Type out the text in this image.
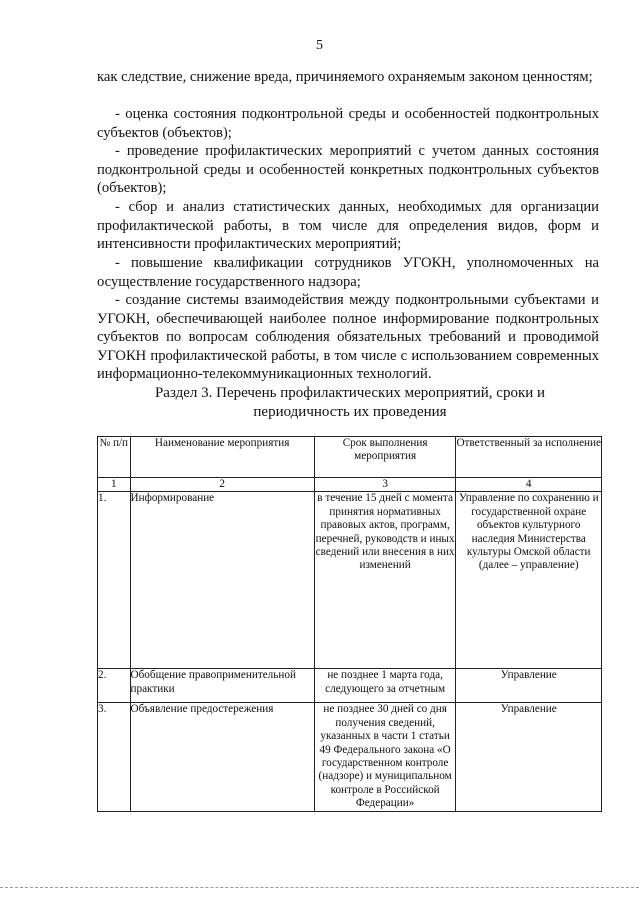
5

как следствие, снижение вреда, причиняемого охраняемым законом ценностям;

- оценка состояния подконтрольной среды и особенностей подконтрольных субъектов (объектов);

- проведение профилактических мероприятий с учетом данных состояния подконтрольной среды и особенностей конкретных подконтрольных субъектов (объектов);

- сбор и анализ статистических данных, необходимых для организации профилактической работы, в том числе для определения видов, форм и интенсивности профилактических мероприятий;

- повышение квалификации сотрудников УГОКН, уполномоченных на осуществление государственного надзора;

- создание системы взаимодействия между подконтрольными субъектами и УГОКН, обеспечивающей наиболее полное информирование подконтрольных субъектов по вопросам соблюдения обязательных требований и проводимой УГОКН профилактической работы, в том числе с использованием современных информационно-телекоммуникационных технологий.

Раздел 3. Перечень профилактических мероприятий, сроки и периодичность их проведения
№ п/п	Наименование мероприятия	Срок выполнения мероприятия	Ответственный за исполнение
1	2	3	4
1.	Информирование	в течение 15 дней с момента принятия нормативных правовых актов, программ, перечней, руководств и иных сведений или внесения в них изменений	Управление по сохранению и государственной охране объектов культурного наследия Министерства культуры Омской области (далее – управление)
2.	Обобщение правоприменительной практики	не позднее 1 марта года, следующего за отчетным	Управление
3.	Объявление предостережения	не позднее 30 дней со дня получения сведений, указанных в части 1 статьи 49 Федерального закона «О государственном контроле (надзоре) и муниципальном контроле в Российской Федерации»	Управление
